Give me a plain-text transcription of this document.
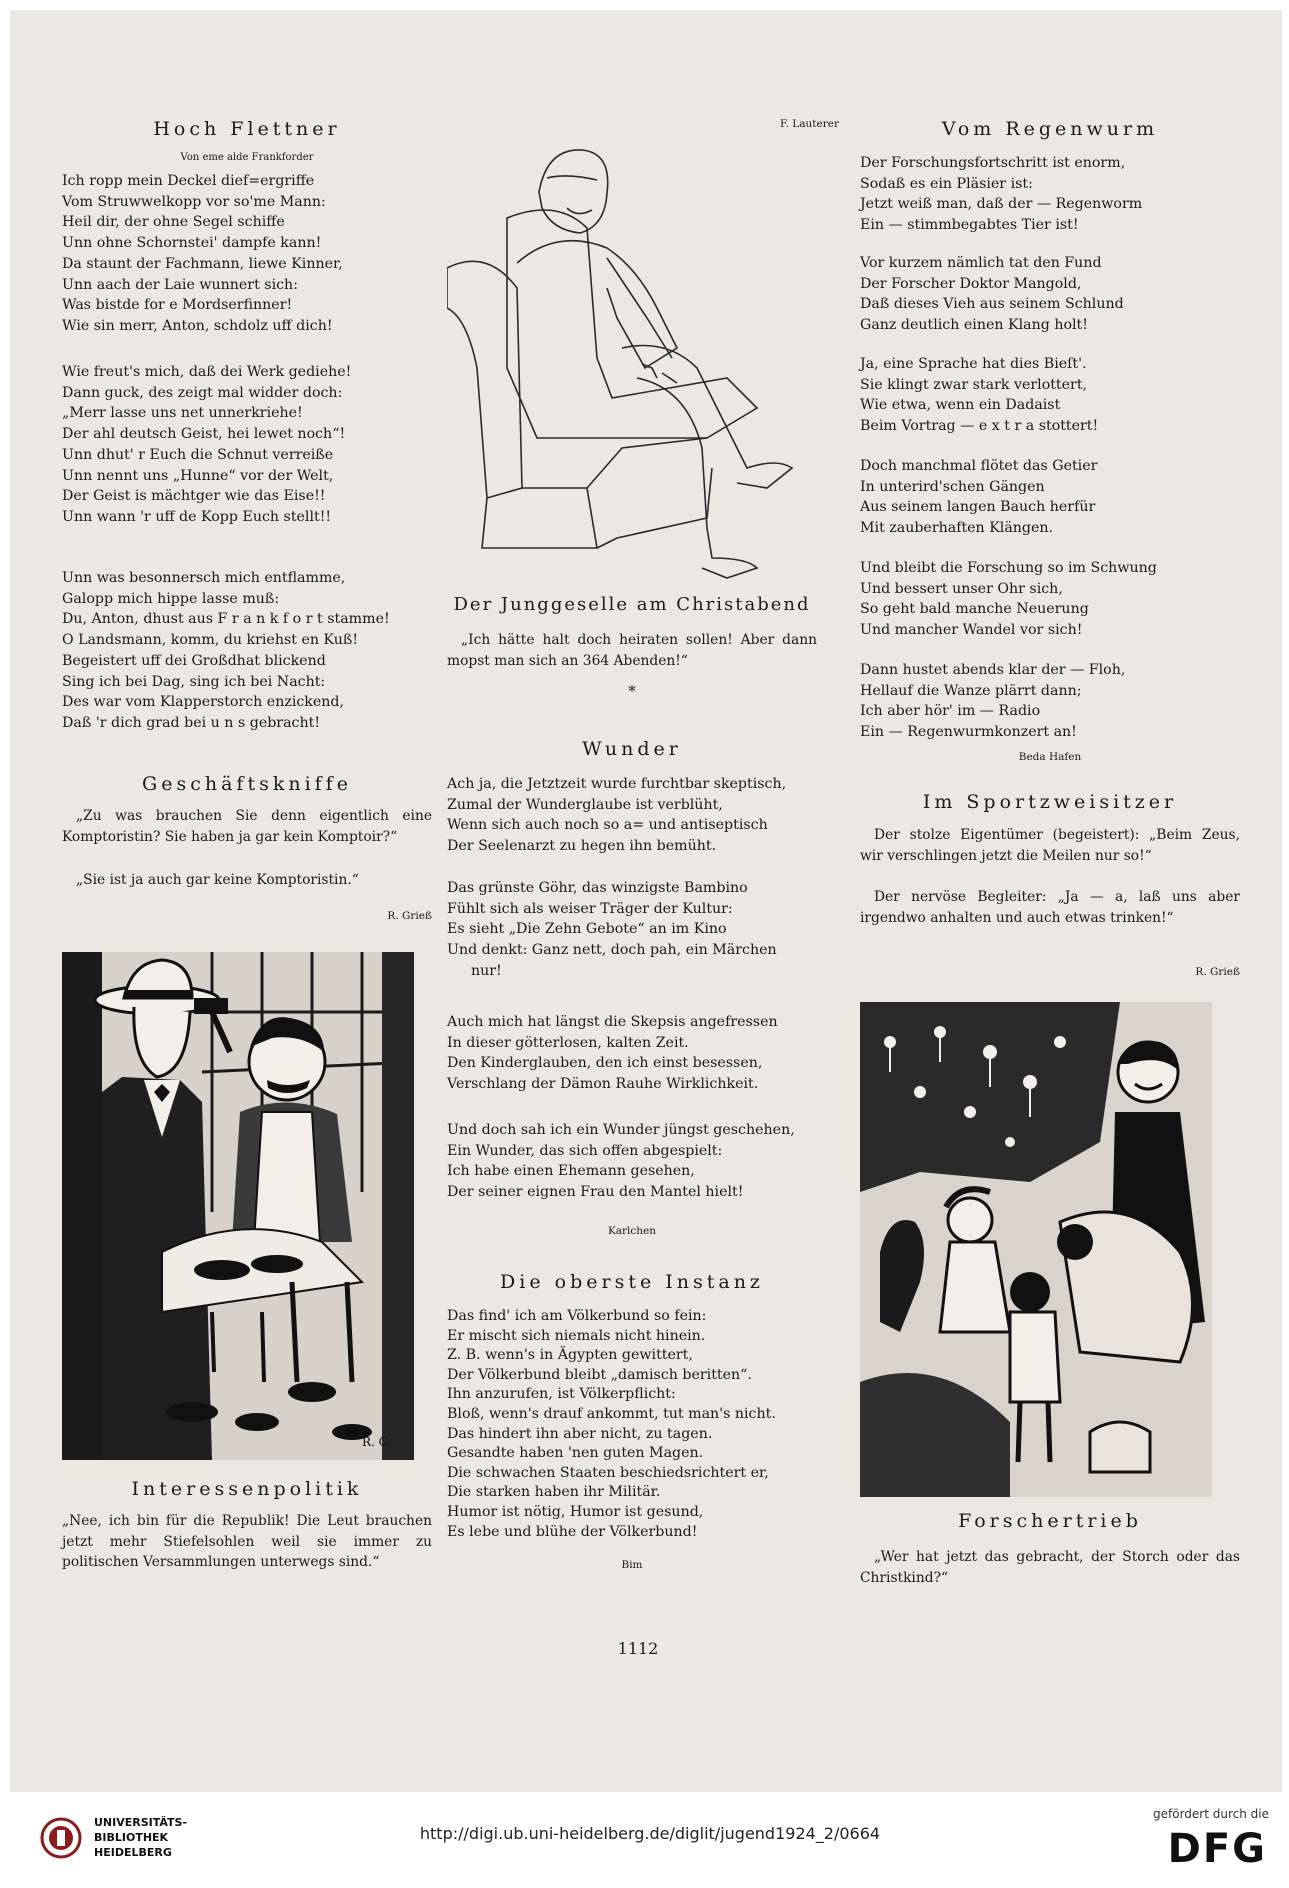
Hoch Flettner
Von eme alde Frankforder
Ich ropp mein Deckel dief=ergriffe
Vom Struwwelkopp vor so'me Mann:
Heil dir, der ohne Segel schiffe
Unn ohne Schornstei' dampfe kann!
Da staunt der Fachmann, liewe Kinner,
Unn aach der Laie wunnert sich:
Was bistde for e Mordserfinner!
Wie sin merr, Anton, schdolz uff dich!
Wie freut's mich, daß dei Werk gediehe!
Dann guck, des zeigt mal widder doch:
„Merr lasse uns net unnerkriehe!
Der ahl deutsch Geist, hei lewet noch“!
Unn dhut' r Euch die Schnut verreiße
Unn nennt uns „Hunne“ vor der Welt,
Der Geist is mächtger wie das Eise!!
Unn wann 'r uff de Kopp Euch stellt!!
Unn was besonnersch mich entflamme,
Galopp mich hippe lasse muß:
Du, Anton, dhust aus F r a n k f o r t stamme!
O Landsmann, komm, du kriehst en Kuß!
Begeistert uff dei Großdhat blickend
Sing ich bei Dag, sing ich bei Nacht:
Des war vom Klapperstorch enzickend,
Daß 'r dich grad bei u n s gebracht!
Geschäftskniffe

„Zu was brauchen Sie denn eigentlich eine Komptoristin? Sie haben ja gar kein Komptoir?“

„Sie ist ja auch gar keine Komptoristin.“

R. Grieß
R. G.
Interessenpolitik

„Nee, ich bin für die Republik! Die Leut brauchen jetzt mehr Stiefelsohlen weil sie immer zu politischen Versammlungen unterwegs sind.“

F. Lauterer
Der Junggeselle am Christabend

„Ich hätte halt doch heiraten sollen! Aber dann mopst man sich an 364 Abenden!“

*
Wunder
Ach ja, die Jetztzeit wurde furchtbar skeptisch,
Zumal der Wunderglaube ist verblüht,
Wenn sich auch noch so a= und antiseptisch
Der Seelenarzt zu hegen ihn bemüht.
Das grünste Göhr, das winzigste Bambino
Fühlt sich als weiser Träger der Kultur:
Es sieht „Die Zehn Gebote“ an im Kino
Und denkt: Ganz nett, doch pah, ein Märchen
nur!
Auch mich hat längst die Skepsis angefressen
In dieser götterlosen, kalten Zeit.
Den Kinderglauben, den ich einst besessen,
Verschlang der Dämon Rauhe Wirklichkeit.
Und doch sah ich ein Wunder jüngst geschehen,
Ein Wunder, das sich offen abgespielt:
Ich habe einen Ehemann gesehen,
Der seiner eignen Frau den Mantel hielt!
Karlchen
Die oberste Instanz
Das find' ich am Völkerbund so fein:
Er mischt sich niemals nicht hinein.
Z. B. wenn's in Ägypten gewittert,
Der Völkerbund bleibt „damisch beritten“.
Ihn anzurufen, ist Völkerpflicht:
Bloß, wenn's drauf ankommt, tut man's nicht.
Das hindert ihn aber nicht, zu tagen.
Gesandte haben 'nen guten Magen.
Die schwachen Staaten beschiedsrichtert er,
Die starken haben ihr Militär.
Humor ist nötig, Humor ist gesund,
Es lebe und blühe der Völkerbund!
Bim
Vom Regenwurm
Der Forschungsfortschritt ist enorm,
Sodaß es ein Pläsier ist:
Jetzt weiß man, daß der — Regenworm
Ein — stimmbegabtes Tier ist!
Vor kurzem nämlich tat den Fund
Der Forscher Doktor Mangold,
Daß dieses Vieh aus seinem Schlund
Ganz deutlich einen Klang holt!
Ja, eine Sprache hat dies Bieſt'.
Sie klingt zwar stark verlottert,
Wie etwa, wenn ein Dadaist
Beim Vortrag — e x t r a stottert!
Doch manchmal flötet das Getier
In unterird'schen Gängen
Aus seinem langen Bauch herfür
Mit zauberhaften Klängen.
Und bleibt die Forschung so im Schwung
Und bessert unser Ohr sich,
So geht bald manche Neuerung
Und mancher Wandel vor sich!
Dann hustet abends klar der — Floh,
Hellauf die Wanze plärrt dann;
Ich aber hör' im — Radio
Ein — Regenwurmkonzert an!
Beda Hafen
Im Sportzweisitzer

Der stolze Eigentümer (begeistert): „Beim Zeus, wir verschlingen jetzt die Meilen nur so!“

Der nervöse Begleiter: „Ja — a, laß uns aber irgendwo anhalten und auch etwas trinken!“

R. Grieß
Forschertrieb

„Wer hat jetzt das gebracht, der Storch oder das Christkind?“

1112
UNIVERSITÄTS-
BIBLIOTHEK
HEIDELBERG
http://digi.ub.uni-heidelberg.de/diglit/jugend1924_2/0664
gefördert durch die
DFG
